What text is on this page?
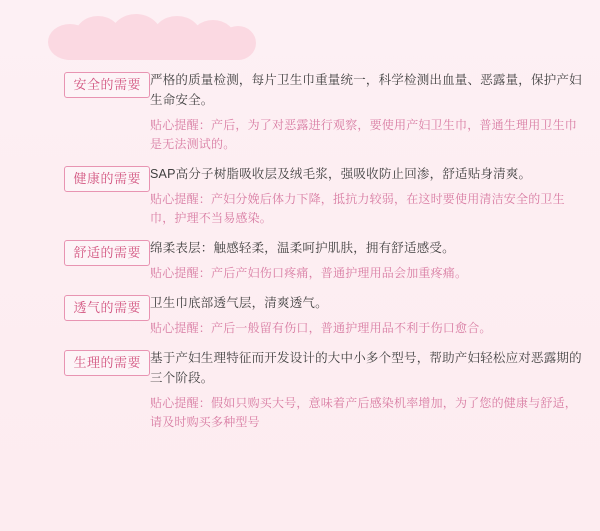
安全的需要 严格的质量检测，每片卫生巾重量统一，科学检测出血量、恶露量，保护产妇生命安全。
贴心提醒：产后，为了对恶露进行观察，要使用产妇卫生巾，普通生理用卫生巾是无法测试的。
健康的需要 SAP高分子树脂吸收层及绒毛浆，强吸收防止回渗，舒适贴身清爽。
贴心提醒：产妇分娩后体力下降，抵抗力较弱，在这时要使用清洁安全的卫生巾，护理不当易感染。
舒适的需要 绵柔表层：触感轻柔，温柔呵护肌肤，拥有舒适感受。
贴心提醒：产后产妇伤口疼痛，普通护理用品会加重疼痛。
透气的需要 卫生巾底部透气层，清爽透气。
贴心提醒：产后一般留有伤口，普通护理用品不利于伤口愈合。
生理的需要 基于产妇生理特征而开发设计的大中小多个型号，帮助产妇轻松应对恶露期的三个阶段。
贴心提醒：假如只购买大号，意味着产后感染机率增加，为了您的健康与舒适，请及时购买多种型号
